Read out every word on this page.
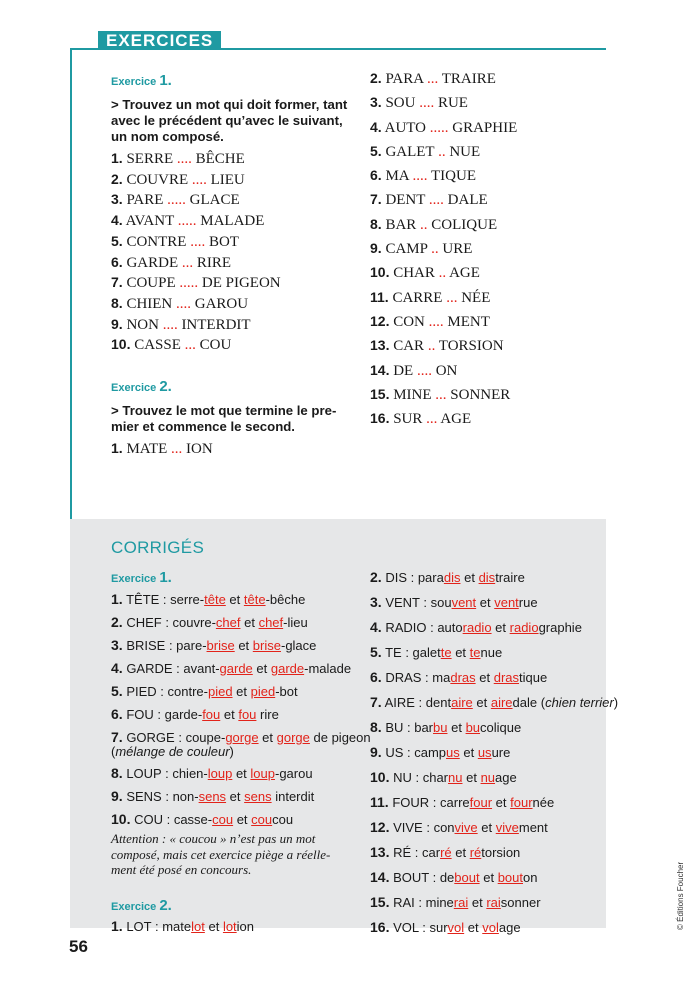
EXERCICES
Exercice 1.
> Trouvez un mot qui doit former, tant
avec le précédent qu’avec le suivant,
un nom composé.
1. SERRE .... BÊCHE
2. COUVRE .... LIEU
3. PARE ..... GLACE
4. AVANT ..... MALADE
5. CONTRE .... BOT
6. GARDE ... RIRE
7. COUPE ..... DE PIGEON
8. CHIEN .... GAROU
9. NON .... INTERDIT
10. CASSE ... COU
Exercice 2.
> Trouvez le mot que termine le pre-
mier et commence le second.
1. MATE ... ION
2. PARA ... TRAIRE
3. SOU .... RUE
4. AUTO ..... GRAPHIE
5. GALET .. NUE
6. MA .... TIQUE
7. DENT .... DALE
8. BAR .. COLIQUE
9. CAMP .. URE
10. CHAR .. AGE
11. CARRE ... NÉE
12. CON .... MENT
13. CAR .. TORSION
14. DE .... ON
15. MINE ... SONNER
16. SUR ... AGE
CORRIGÉS
Exercice 1.
1. TÊTE : serre-tête et tête-bêche
2. CHEF : couvre-chef et chef-lieu
3. BRISE : pare-brise et brise-glace
4. GARDE : avant-garde et garde-malade
5. PIED : contre-pied et pied-bot
6. FOU : garde-fou et fou rire
7. GORGE : coupe-gorge et gorge de pigeon
(mélange de couleur)
8. LOUP : chien-loup et loup-garou
9. SENS : non-sens et sens interdit
10. COU : casse-cou et coucou
Attention : « coucou » n’est pas un mot
composé, mais cet exercice piège a réelle-
ment été posé en concours.
Exercice 2.
1. LOT : matelot et lotion
2. DIS : paradis et distraire
3. VENT : souvent et ventrue
4. RADIO : autoradio et radiographie
5. TE : galette et tenue
6. DRAS : madras et drastique
7. AIRE : dentaire et airedale (chien terrier)
8. BU : barbu et bucolique
9. US : campus et usure
10. NU : charnu et nuage
11. FOUR : carrefour et fournée
12. VIVE : convive et vivement
13. RÉ : carré et rétorsion
14. BOUT : debout et bouton
15. RAI : minerai et raisonner
16. VOL : survol et volage
56
© Éditions Foucher
